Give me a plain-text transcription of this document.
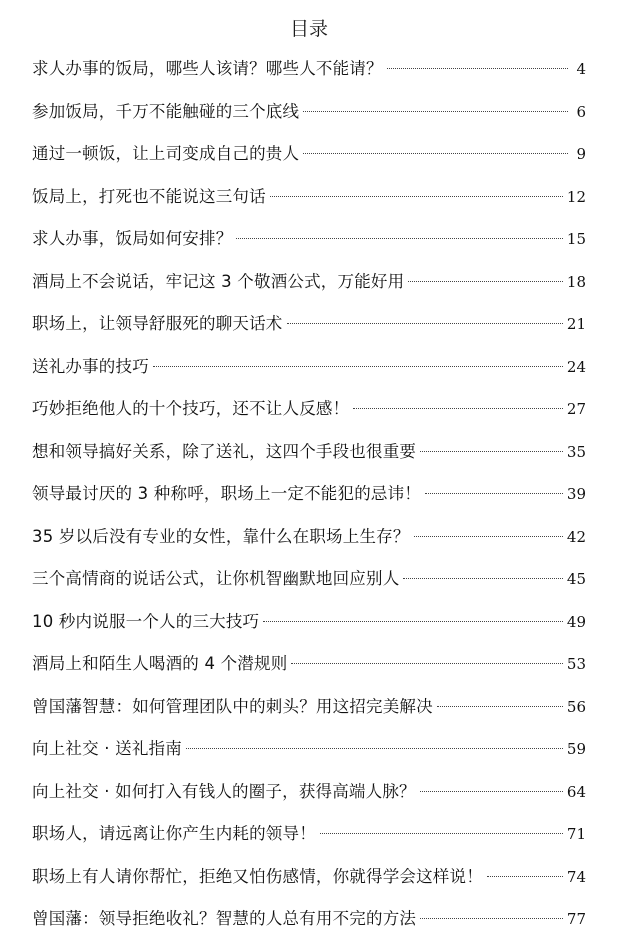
目录
求人办事的饭局，哪些人该请？哪些人不能请？	4
参加饭局，千万不能触碰的三个底线	6
通过一顿饭，让上司变成自己的贵人	9
饭局上，打死也不能说这三句话	12
求人办事，饭局如何安排？	15
酒局上不会说话，牢记这 3 个敬酒公式，万能好用	18
职场上，让领导舒服死的聊天话术	21
送礼办事的技巧	24
巧妙拒绝他人的十个技巧，还不让人反感！	27
想和领导搞好关系，除了送礼，这四个手段也很重要	35
领导最讨厌的 3 种称呼，职场上一定不能犯的忌讳！	39
35 岁以后没有专业的女性，靠什么在职场上生存？	42
三个高情商的说话公式，让你机智幽默地回应别人	45
10 秒内说服一个人的三大技巧	49
酒局上和陌生人喝酒的 4 个潜规则	53
曾国藩智慧：如何管理团队中的刺头？用这招完美解决	56
向上社交 · 送礼指南	59
向上社交 · 如何打入有钱人的圈子，获得高端人脉？	64
职场人，请远离让你产生内耗的领导！	71
职场上有人请你帮忙，拒绝又怕伤感情，你就得学会这样说！	74
曾国藩：领导拒绝收礼？智慧的人总有用不完的方法	77
